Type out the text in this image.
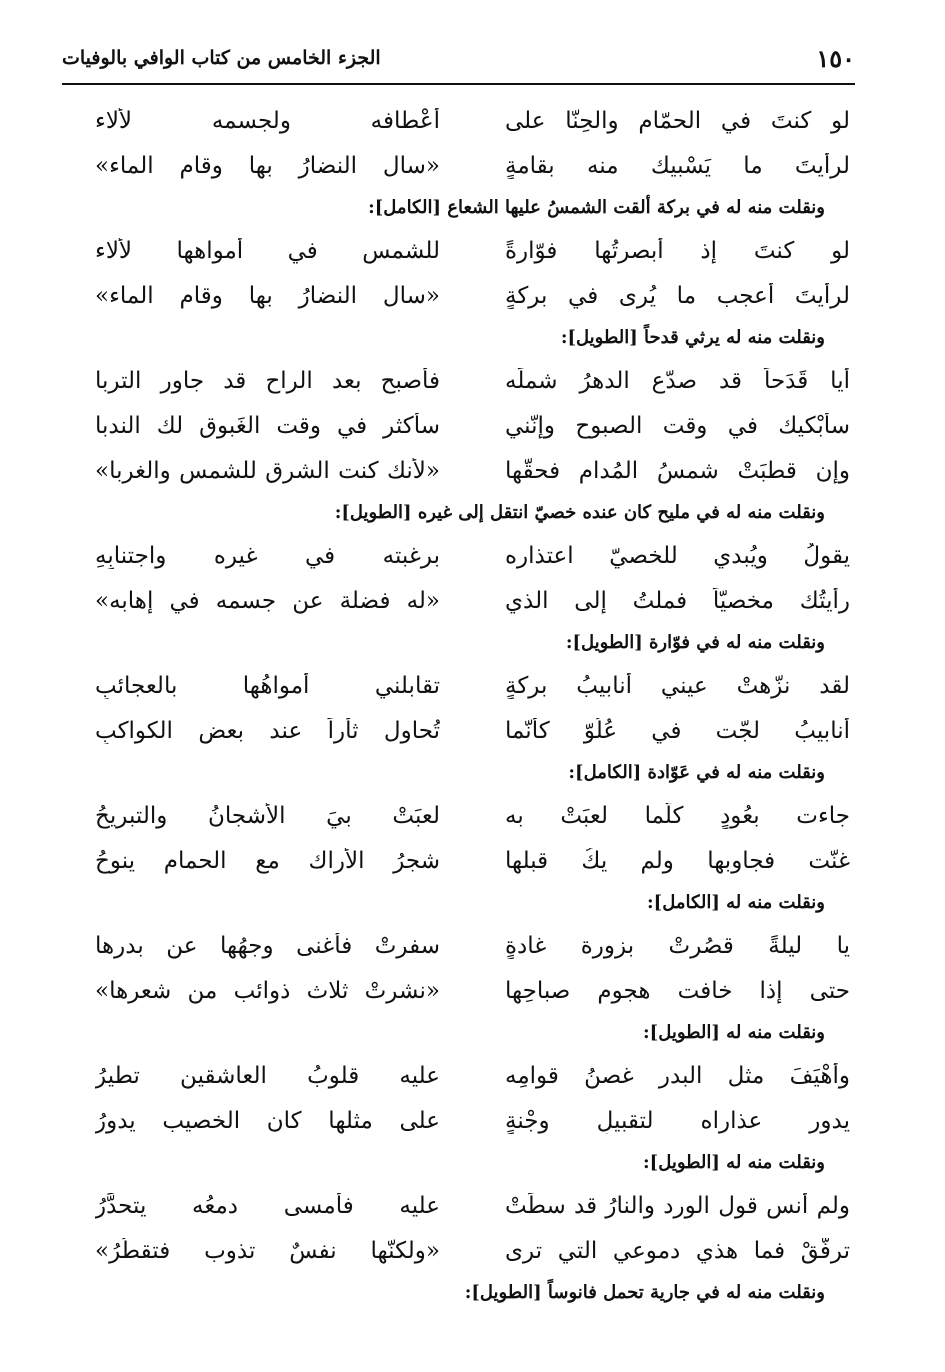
١٥٠
الجزء الخامس من كتاب الوافي بالوفيات
لو كنتَ في الحمّام والحِنّا على
أعْطافه ولجسمه لألاء
لرأيتَ ما يَسْبيك منه بقامةٍ
«سال النضارُ بها وقام الماء»
ونقلت منه له في بركة ألقت الشمسُ عليها الشعاع [الكامل]:
لو كنتَ إذ أبصرتُها فوّارةً
للشمس في أمواهها لألاء
لرأيتَ أعجب ما يُرى في بركةٍ
«سال النضارُ بها وقام الماء»
ونقلت منه له يرثي قدحاً [الطويل]:
أيا قَدَحاً قد صدّع الدهرُ شملَه
فأصبح بعد الراح قد جاور التربا
سأبْكيك في وقت الصبوح وإنّني
سأكثر في وقت الغَبوق لك الندبا
وإن قطبَتْ شمسُ المُدام فحقّها
«لأنك كنت الشرق للشمس والغربا»
ونقلت منه له في مليح كان عنده خصيّ انتقل إلى غيره [الطويل]:
يقولُ ويُبدي للخصيّ اعتذاره
برغبته في غيره واجتنابِهِ
رأيتُك مخصيّاً فملتُ إلى الذي
«له فضلة عن جسمه في إهابه»
ونقلت منه له في فوّارة [الطويل]:
لقد نزّهتْ عيني أنابيبُ بركةٍ
تقابلني أمواهُها بالعجائبِ
أنابيبُ لجّت في عُلُوّ كأنّما
تُحاوِل ثأراً عند بعض الكواكبِ
ونقلت منه له في عَوّادة [الكامل]:
جاءت بعُودٍ كلّما لعبَتْ به
لعبَتْ بيَ الأشجانُ والتبريحُ
غنّت فجاوبها ولم يكُ قبلها
شجرُ الأراك مع الحمام ينوحُ
ونقلت منه له [الكامل]:
يا ليلةً قصُرتْ بزورة غادةٍ
سفرتْ فأغنى وجهُها عن بدرِها
حتى إذا خافت هجوم صباحِها
«نشرتْ ثلاث ذوائب من شعرِها»
ونقلت منه له [الطويل]:
وأهْيَفَ مثل البدر غصنُ قوامِه
عليه قلوبُ العاشقين تطيرُ
يدور عذاراه لتقبيلِ وجْنةٍ
على مثلها كان الخصيب يدورُ
ونقلت منه له [الطويل]:
ولم أنس قول الورد والنارُ قد سطَتْ
عليه فأمسى دمعُه يتحدَّرُ
ترفّقْ فما هذي دموعي التي ترى
«ولكنّها نفسٌ تذوب فتقطُرُ»
ونقلت منه له في جارية تحمل فانوساً [الطويل]:
